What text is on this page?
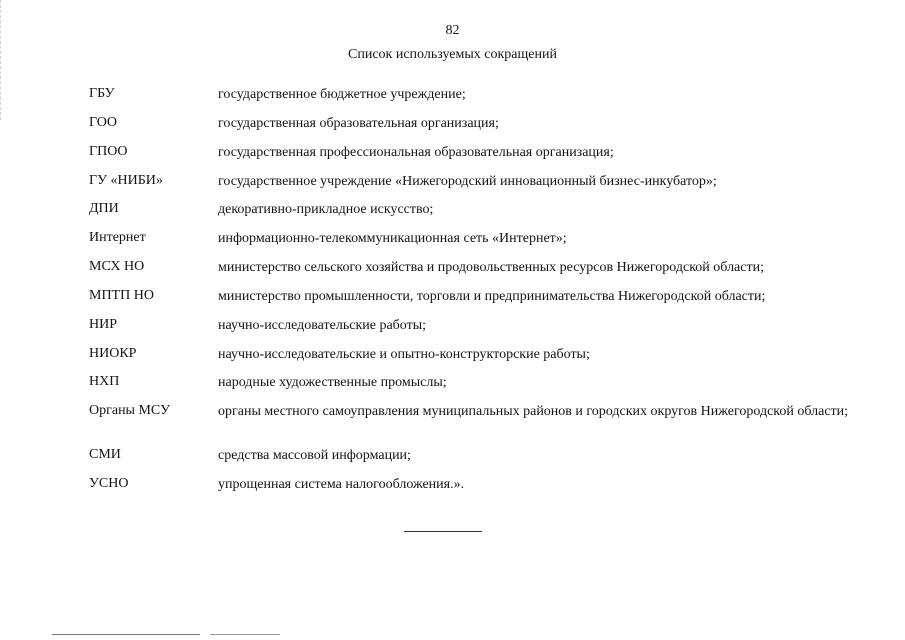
82
Список используемых сокращений
ГБУ	государственное бюджетное учреждение;
ГОО	государственная образовательная организация;
ГПОО	государственная профессиональная образовательная организация;
ГУ «НИБИ»	государственное учреждение «Нижегородский инновационный бизнес-инкубатор»;
ДПИ	декоративно-прикладное искусство;
Интернет	информационно-телекоммуникационная сеть «Интернет»;
МСХ НО	министерство сельского хозяйства и продовольственных ресурсов Нижегородской области;
МПТП НО	министерство промышленности, торговли и предпринимательства Нижегородской области;
НИР	научно-исследовательские работы;
НИОКР	научно-исследовательские и опытно-конструкторские работы;
НХП	народные художественные промыслы;
Органы МСУ	органы местного самоуправления муниципальных районов и городских округов Нижегородской области;
СМИ	средства массовой информации;
УСНО	упрощенная система налогообложения.».
